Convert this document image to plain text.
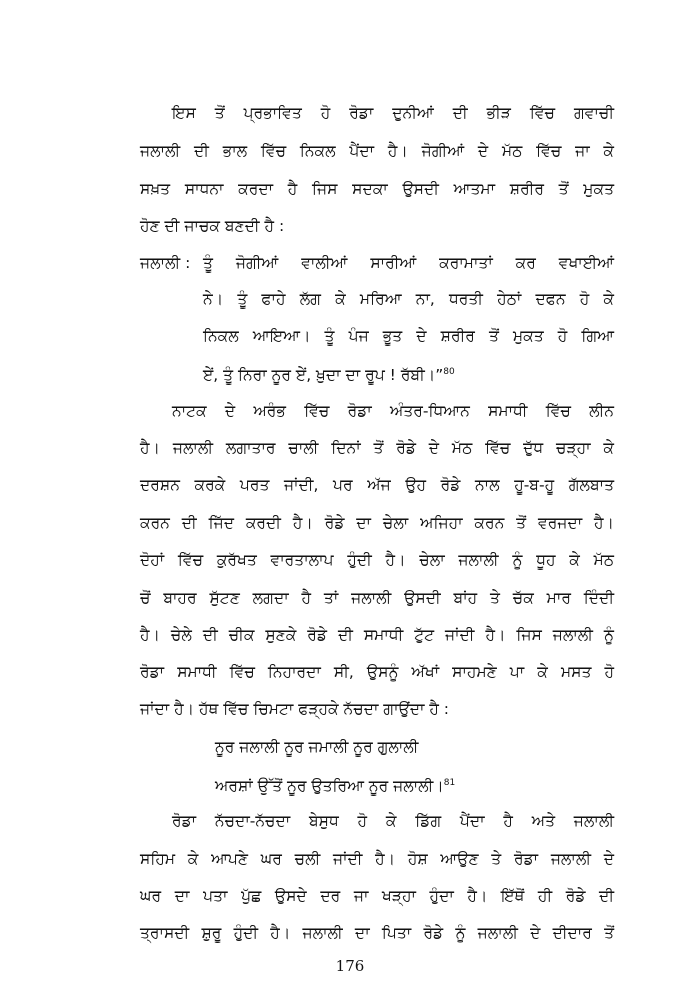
ਇਸ ਤੋਂ ਪ੍ਰਭਾਵਿਤ ਹੋ ਰੋਡਾ ਦੁਨੀਆਂ ਦੀ ਭੀੜ ਵਿੱਚ ਗਵਾਚੀ
ਜਲਾਲੀ ਦੀ ਭਾਲ ਵਿੱਚ ਨਿਕਲ ਪੈਂਦਾ ਹੈ। ਜੋਗੀਆਂ ਦੇ ਮੱਠ ਵਿੱਚ ਜਾ ਕੇ
ਸਖ਼ਤ ਸਾਧਨਾ ਕਰਦਾ ਹੈ ਜਿਸ ਸਦਕਾ ਉਸਦੀ ਆਤਮਾ ਸ਼ਰੀਰ ਤੋਂ ਮੁਕਤ
ਹੋਣ ਦੀ ਜਾਚਕ ਬਣਦੀ ਹੈ :
ਜਲਾਲੀ : ਤੂੰ ਜੋਗੀਆਂ ਵਾਲੀਆਂ ਸਾਰੀਆਂ ਕਰਾਮਾਤਾਂ ਕਰ ਵਖਾਈਆਂ
ਨੇ। ਤੂੰ ਫਾਹੇ ਲੱਗ ਕੇ ਮਰਿਆ ਨਾ, ਧਰਤੀ ਹੇਠਾਂ ਦਫਨ ਹੋ ਕੇ
ਨਿਕਲ ਆਇਆ। ਤੂੰ ਪੰਜ ਭੂਤ ਦੇ ਸ਼ਰੀਰ ਤੋਂ ਮੁਕਤ ਹੋ ਗਿਆ
ਏਂ, ਤੂੰ ਨਿਰਾ ਨੂਰ ਏਂ, ਖ਼ੁਦਾ ਦਾ ਰੂਪ ! ਰੱਬੀ।”$^{80}$
ਨਾਟਕ ਦੇ ਅਰੰਭ ਵਿੱਚ ਰੋਡਾ ਅੰਤਰ-ਧਿਆਨ ਸਮਾਧੀ ਵਿੱਚ ਲੀਨ
ਹੈ। ਜਲਾਲੀ ਲਗਾਤਾਰ ਚਾਲੀ ਦਿਨਾਂ ਤੋਂ ਰੋਡੇ ਦੇ ਮੱਠ ਵਿੱਚ ਦੁੱਧ ਚੜ੍ਹਾ ਕੇ
ਦਰਸ਼ਨ ਕਰਕੇ ਪਰਤ ਜਾਂਦੀ, ਪਰ ਅੱਜ ਉਹ ਰੋਡੇ ਨਾਲ ਹੂ-ਬ-ਹੂ ਗੱਲਬਾਤ
ਕਰਨ ਦੀ ਜਿੱਦ ਕਰਦੀ ਹੈ। ਰੋਡੇ ਦਾ ਚੇਲਾ ਅਜਿਹਾ ਕਰਨ ਤੋਂ ਵਰਜਦਾ ਹੈ।
ਦੋਹਾਂ ਵਿੱਚ ਕੁਰੱਖਤ ਵਾਰਤਾਲਾਪ ਹੁੰਦੀ ਹੈ। ਚੇਲਾ ਜਲਾਲੀ ਨੂੰ ਧੂਹ ਕੇ ਮੱਠ
ਚੋਂ ਬਾਹਰ ਸੁੱਟਣ ਲਗਦਾ ਹੈ ਤਾਂ ਜਲਾਲੀ ਉਸਦੀ ਬਾਂਹ ਤੇ ਚੱਕ ਮਾਰ ਦਿੰਦੀ
ਹੈ। ਚੇਲੇ ਦੀ ਚੀਕ ਸੁਣਕੇ ਰੋਡੇ ਦੀ ਸਮਾਧੀ ਟੁੱਟ ਜਾਂਦੀ ਹੈ। ਜਿਸ ਜਲਾਲੀ ਨੂੰ
ਰੋਡਾ ਸਮਾਧੀ ਵਿੱਚ ਨਿਹਾਰਦਾ ਸੀ, ਉਸਨੂੰ ਅੱਖਾਂ ਸਾਹਮਣੇ ਪਾ ਕੇ ਮਸਤ ਹੋ
ਜਾਂਦਾ ਹੈ। ਹੱਥ ਵਿੱਚ ਚਿਮਟਾ ਫੜ੍ਹਕੇ ਨੱਚਦਾ ਗਾਉਂਦਾ ਹੈ :
ਨੂਰ ਜਲਾਲੀ ਨੂਰ ਜਮਾਲੀ ਨੂਰ ਗੁਲਾਲੀ
ਅਰਸ਼ਾਂ ਉੱਤੋਂ ਨੂਰ ਉਤਰਿਆ ਨੂਰ ਜਲਾਲੀ।$^{81}$
ਰੋਡਾ ਨੱਚਦਾ-ਨੱਚਦਾ ਬੇਸੁਧ ਹੋ ਕੇ ਡਿੱਗ ਪੈਂਦਾ ਹੈ ਅਤੇ ਜਲਾਲੀ
ਸਹਿਮ ਕੇ ਆਪਣੇ ਘਰ ਚਲੀ ਜਾਂਦੀ ਹੈ। ਹੋਸ਼ ਆਉਣ ਤੇ ਰੋਡਾ ਜਲਾਲੀ ਦੇ
ਘਰ ਦਾ ਪਤਾ ਪੁੱਛ ਉਸਦੇ ਦਰ ਜਾ ਖੜ੍ਹਾ ਹੁੰਦਾ ਹੈ। ਇੱਥੋਂ ਹੀ ਰੋਡੇ ਦੀ
ਤ੍ਰਾਸਦੀ ਸ਼ੁਰੂ ਹੁੰਦੀ ਹੈ। ਜਲਾਲੀ ਦਾ ਪਿਤਾ ਰੋਡੇ ਨੂੰ ਜਲਾਲੀ ਦੇ ਦੀਦਾਰ ਤੋਂ
176
